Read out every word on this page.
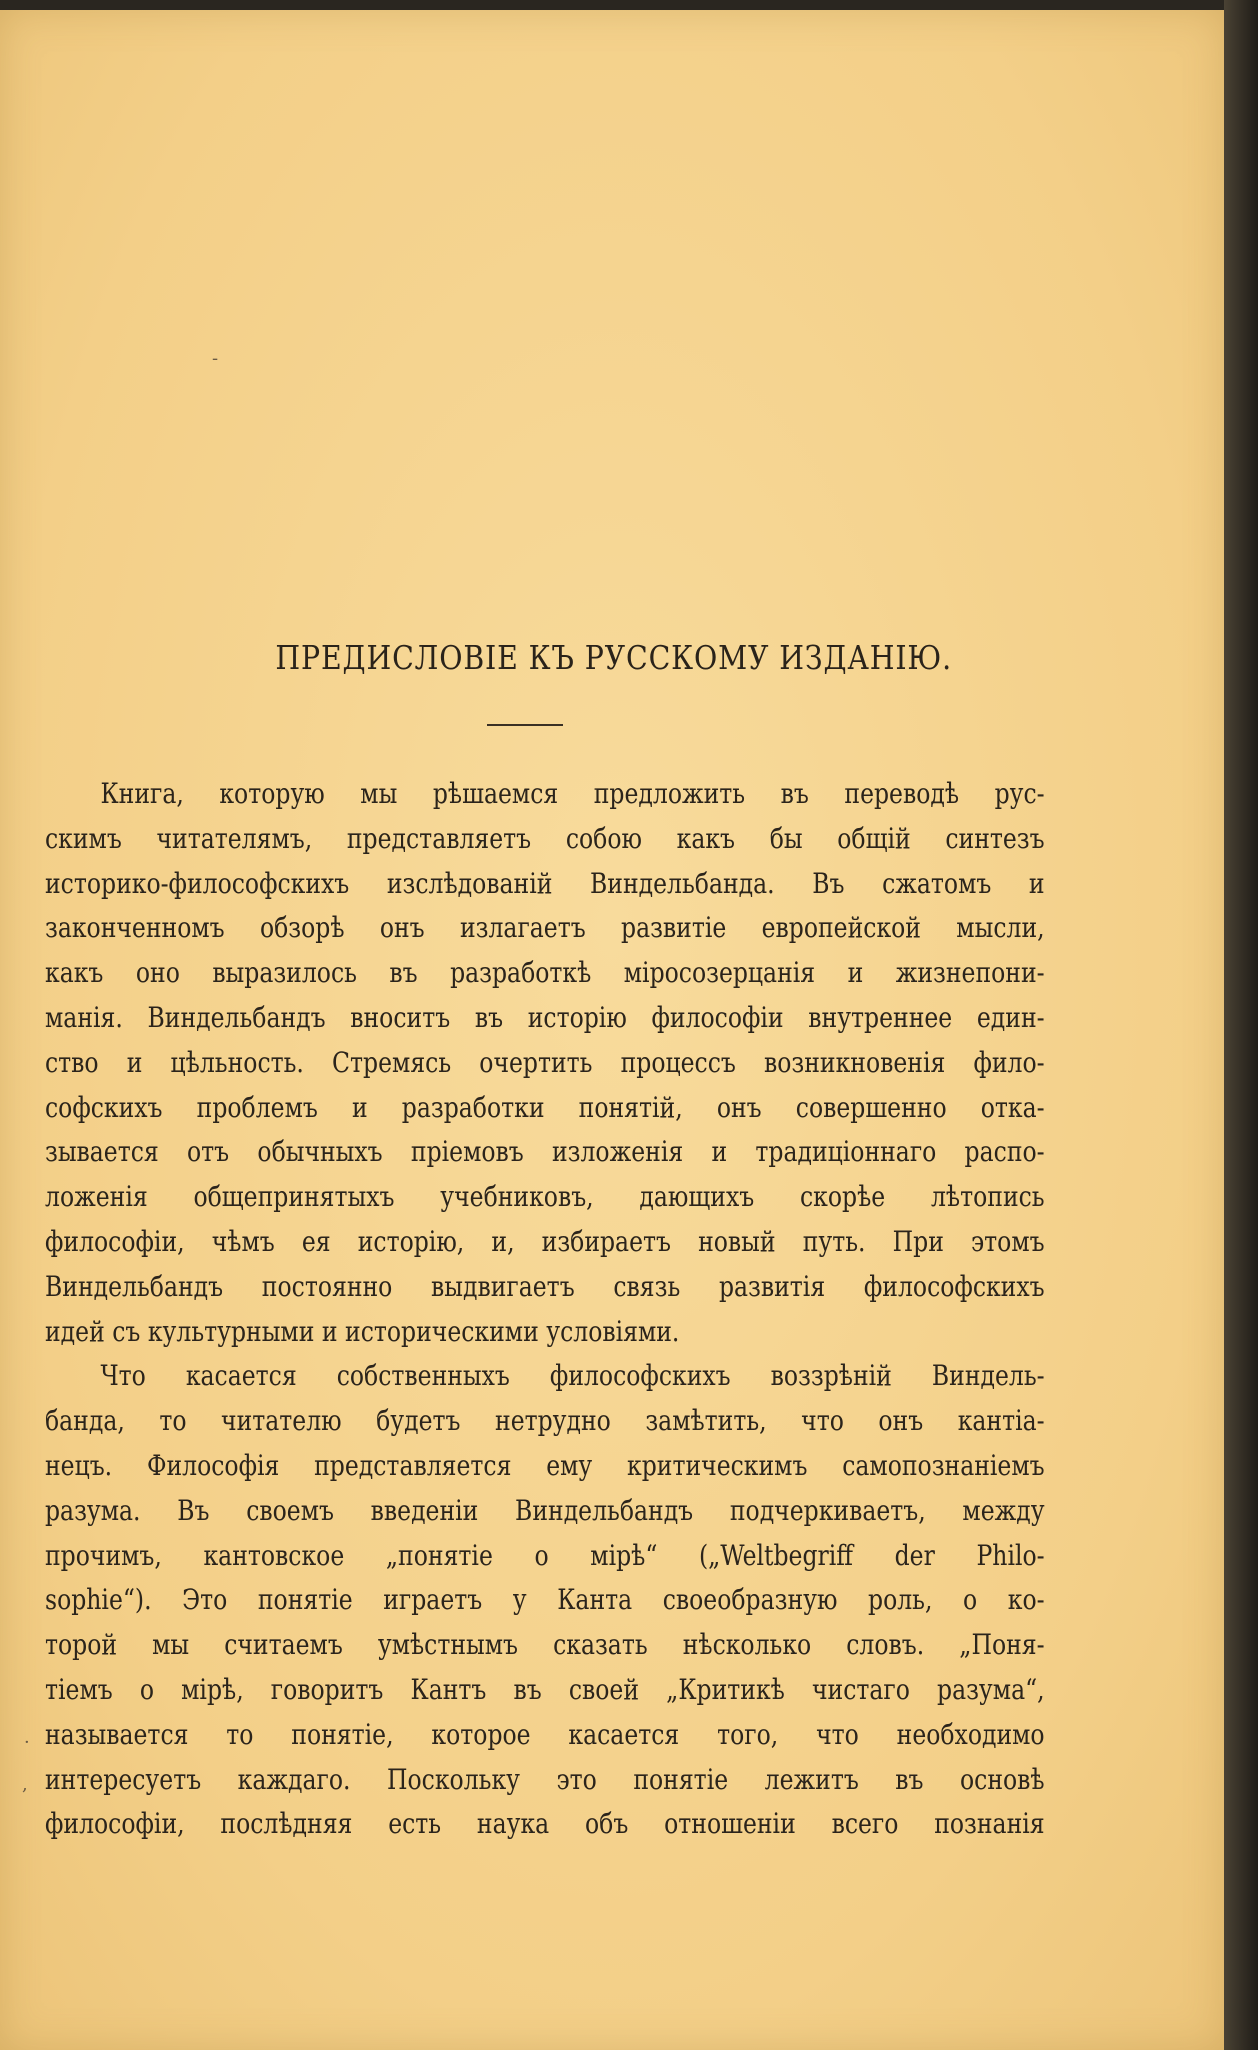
ПРЕДИСЛОВІЕ КЪ РУССКОМУ ИЗДАНІЮ.
Книга, которую мы рѣшаемся предложить въ переводѣ рус-
скимъ читателямъ, представляетъ собою какъ бы общій синтезъ
историко-философскихъ изслѣдованій Виндельбанда. Въ сжатомъ и
законченномъ обзорѣ онъ излагаетъ развитіе европейской мысли,
какъ оно выразилось въ разработкѣ міросозерцанія и жизнепони-
манія. Виндельбандъ вноситъ въ исторію философіи внутреннее един-
ство и цѣльность. Стремясь очертить процессъ возникновенія фило-
софскихъ проблемъ и разработки понятій, онъ совершенно отка-
зывается отъ обычныхъ пріемовъ изложенія и традиціоннаго распо-
ложенія общепринятыхъ учебниковъ, дающихъ скорѣе лѣтопись
философіи, чѣмъ ея исторію, и, избираетъ новый путь. При этомъ
Виндельбандъ постоянно выдвигаетъ связь развитія философскихъ
идей съ культурными и историческими условіями.
Что касается собственныхъ философскихъ воззрѣній Виндель-
банда, то читателю будетъ нетрудно замѣтить, что онъ кантіа-
нецъ. Философія представляется ему критическимъ самопознаніемъ
разума. Въ своемъ введеніи Виндельбандъ подчеркиваетъ, между
прочимъ, кантовское „понятіе о мірѣ“ („Weltbegriff der Philo-
sophie“). Это понятіе играетъ у Канта своеобразную роль, о ко-
торой мы считаемъ умѣстнымъ сказать нѣсколько словъ. „Поня-
тіемъ о мірѣ, говоритъ Кантъ въ своей „Критикѣ чистаго разума“,
называется то понятіе, которое касается того, что необходимо
интересуетъ каждаго. Поскольку это понятіе лежитъ въ основѣ
философіи, послѣдняя есть наука объ отношеніи всего познанія
-
·
,
